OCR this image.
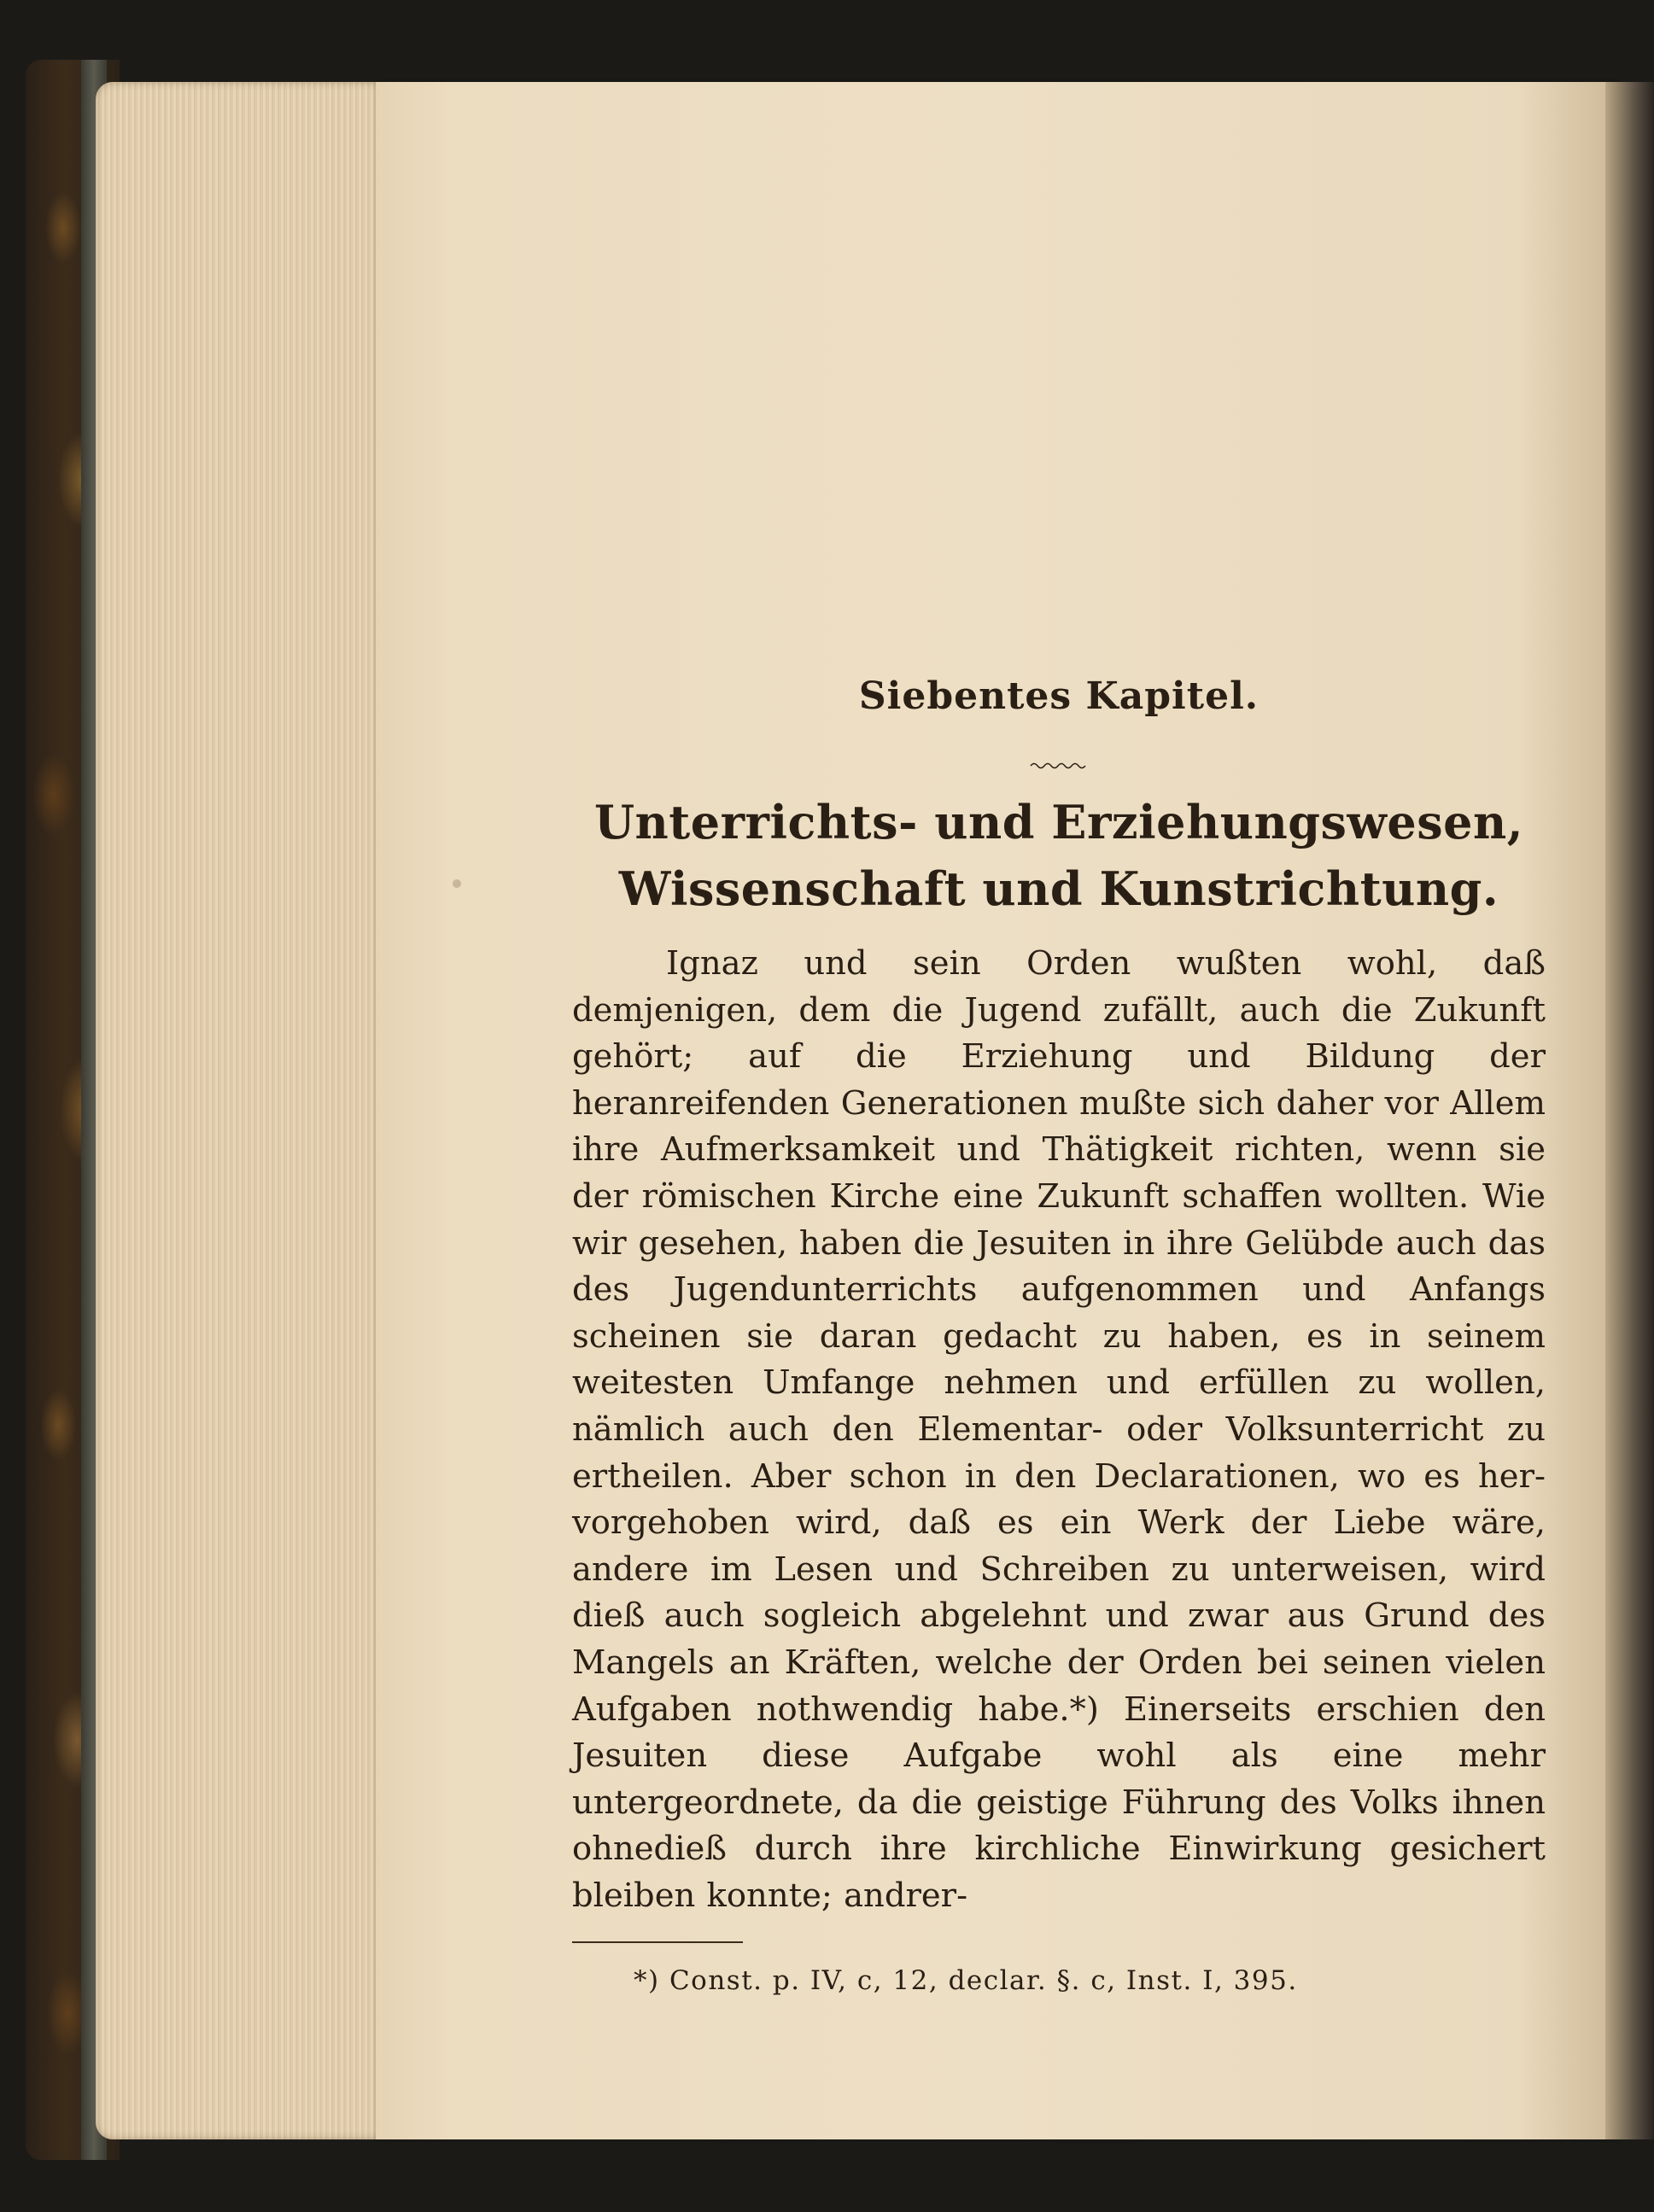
Siebentes Kapitel.
Unterrichts- und Erziehungswesen, Wissenschaft und Kunstrichtung.
Ignaz und sein Orden wußten wohl, daß demjenigen, dem die Jugend zufällt, auch die Zukunft gehört; auf die Erziehung und Bildung der heranreifenden Generationen mußte sich daher vor Allem ihre Aufmerksamkeit und Thätigkeit richten, wenn sie der römischen Kirche eine Zukunft schaffen wollten. Wie wir gesehen, haben die Jesuiten in ihre Gelübde auch das des Jugendunterrichts aufgenommen und Anfangs scheinen sie daran gedacht zu haben, es in seinem weitesten Umfange nehmen und erfüllen zu wollen, nämlich auch den Elementar- oder Volksunterricht zu ertheilen. Aber schon in den Declarationen, wo es hervorgehoben wird, daß es ein Werk der Liebe wäre, andere im Lesen und Schreiben zu unterweisen, wird dieß auch sogleich abgelehnt und zwar aus Grund des Mangels an Kräften, welche der Orden bei seinen vielen Aufgaben nothwendig habe.*) Einerseits erschien den Jesuiten diese Aufgabe wohl als eine mehr untergeordnete, da die geistige Führung des Volks ihnen ohnedieß durch ihre kirchliche Einwirkung gesichert bleiben konnte; andrer-
*) Const. p. IV, c, 12, declar. §. c, Inst. I, 395.
